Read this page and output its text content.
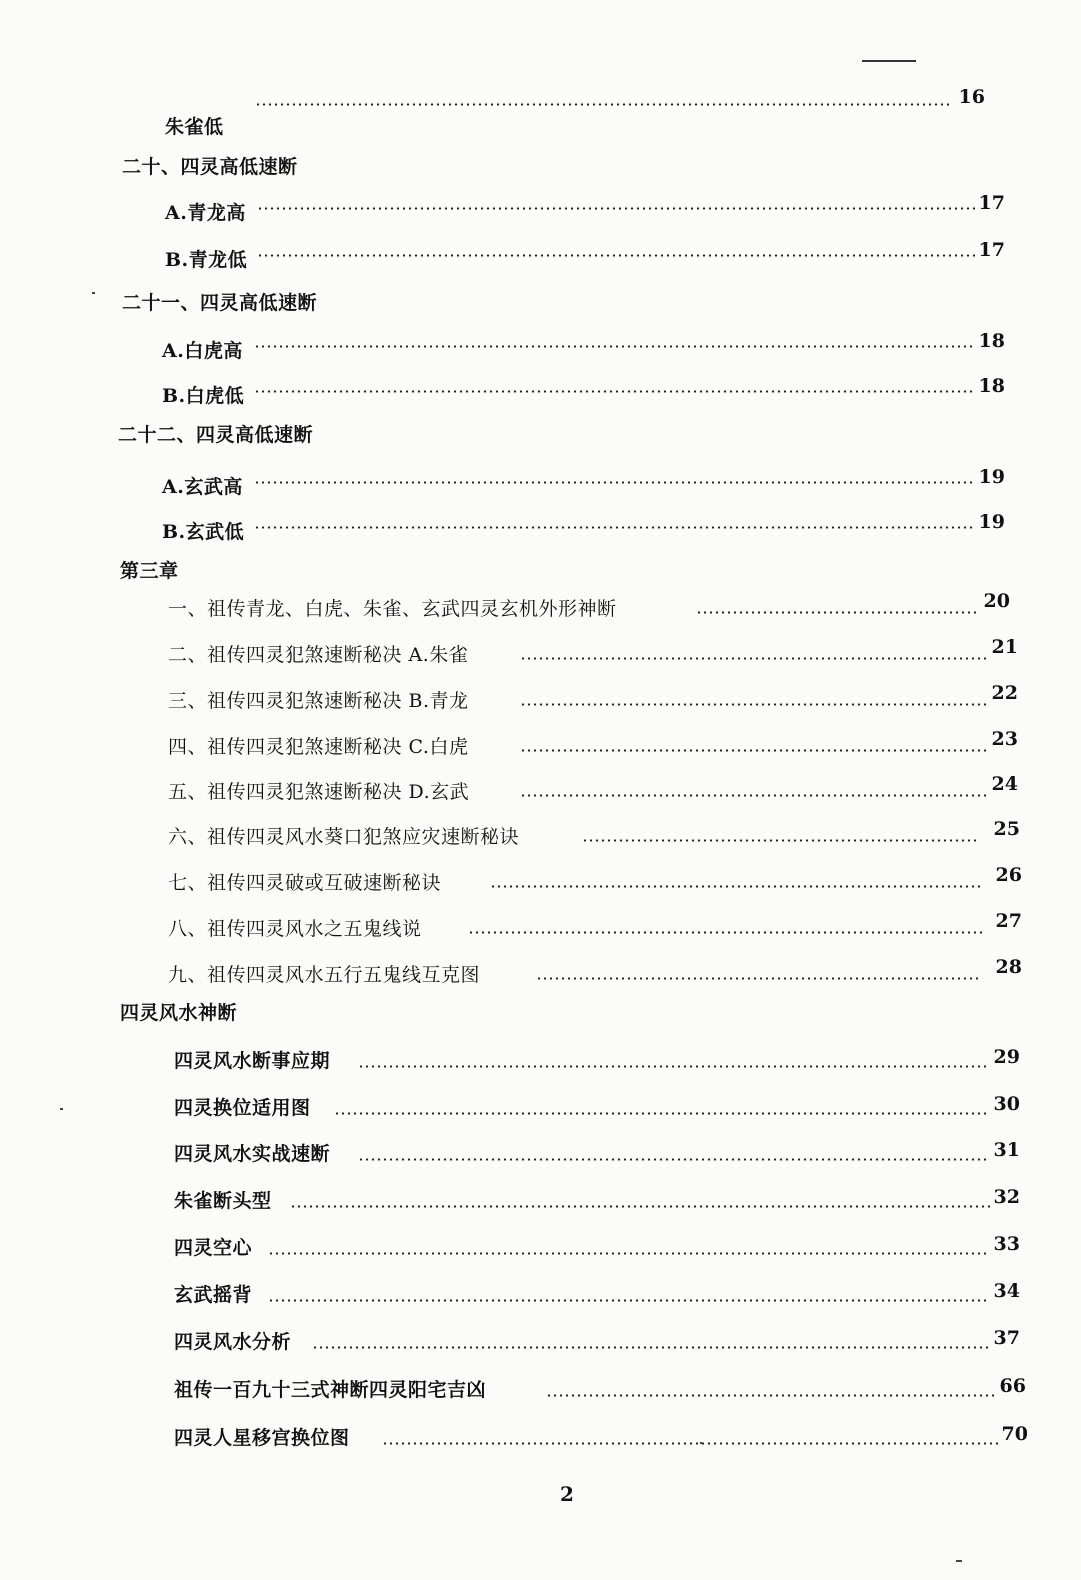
16
朱雀低
二十、四灵高低速断
A.青龙高	17
B.青龙低	17
二十一、四灵高低速断
A.白虎高	18
B.白虎低	18
二十二、四灵高低速断
A.玄武高	19
B.玄武低	19
第三章
一、祖传青龙、白虎、朱雀、玄武四灵玄机外形神断	20
二、祖传四灵犯煞速断秘决 A.朱雀	21
三、祖传四灵犯煞速断秘决 B.青龙	22
四、祖传四灵犯煞速断秘决 C.白虎	23
五、祖传四灵犯煞速断秘决 D.玄武	24
六、祖传四灵风水葵口犯煞应灾速断秘诀	25
七、祖传四灵破或互破速断秘诀	26
八、祖传四灵风水之五鬼线说	27
九、祖传四灵风水五行五鬼线互克图	28
四灵风水神断
四灵风水断事应期	29
四灵换位适用图	30
四灵风水实战速断	31
朱雀断头型	32
四灵空心	33
玄武摇背	34
四灵风水分析	37
祖传一百九十三式神断四灵阳宅吉凶	66
四灵人星移宫换位图	70
2
